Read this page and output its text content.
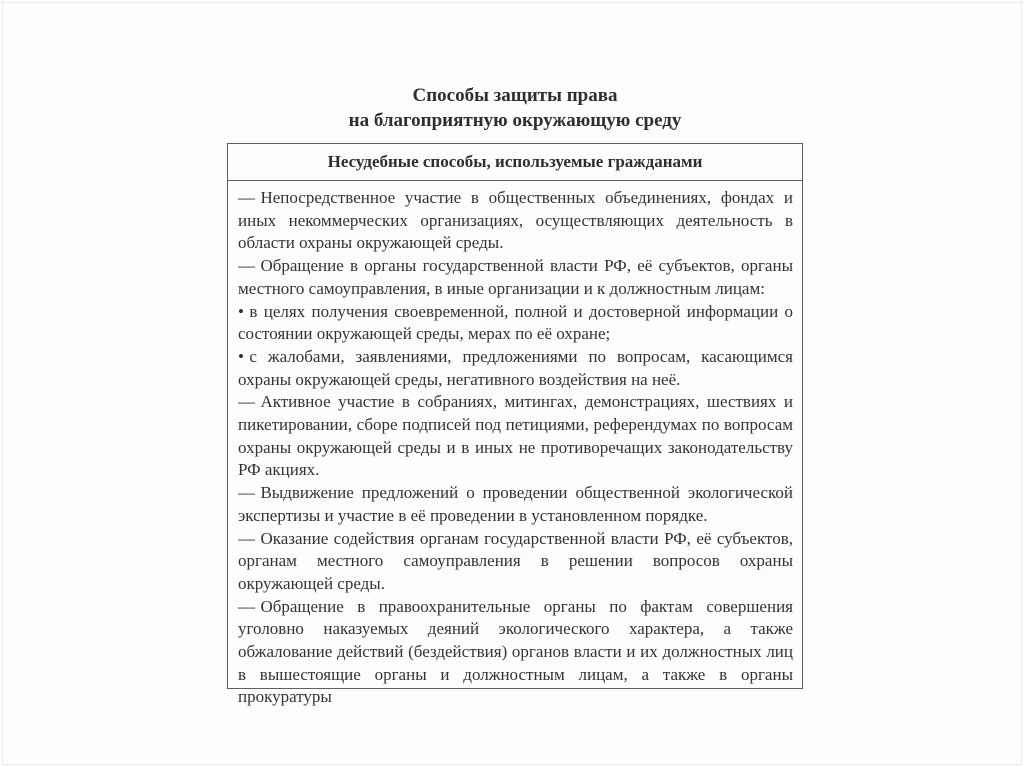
Способы защиты права
на благоприятную окружающую среду
Несудебные способы, используемые гражданами

— Непосредственное участие в общественных объединениях, фондах и иных некоммерческих организациях, осуществляющих деятельность в области охраны окружающей среды.

— Обращение в органы государственной власти РФ, её субъектов, органы местного самоуправления, в иные организации и к должностным лицам:

• в целях получения своевременной, полной и достоверной информации о состоянии окружающей среды, мерах по её охране;

• с жалобами, заявлениями, предложениями по вопросам, касающимся охраны окружающей среды, негативного воздействия на неё.

— Активное участие в собраниях, митингах, демонстрациях, шествиях и пикетировании, сборе подписей под петициями, референдумах по вопросам охраны окружающей среды и в иных не противоречащих законодательству РФ акциях.

— Выдвижение предложений о проведении общественной экологической экспертизы и участие в её проведении в установленном порядке.

— Оказание содействия органам государственной власти РФ, её субъектов, органам местного самоуправления в решении вопросов охраны окружающей среды.

— Обращение в правоохранительные органы по фактам совершения уголовно наказуемых деяний экологического характера, а также обжалование действий (бездействия) органов власти и их должностных лиц в вышестоящие органы и должностным лицам, а также в органы прокуратуры
